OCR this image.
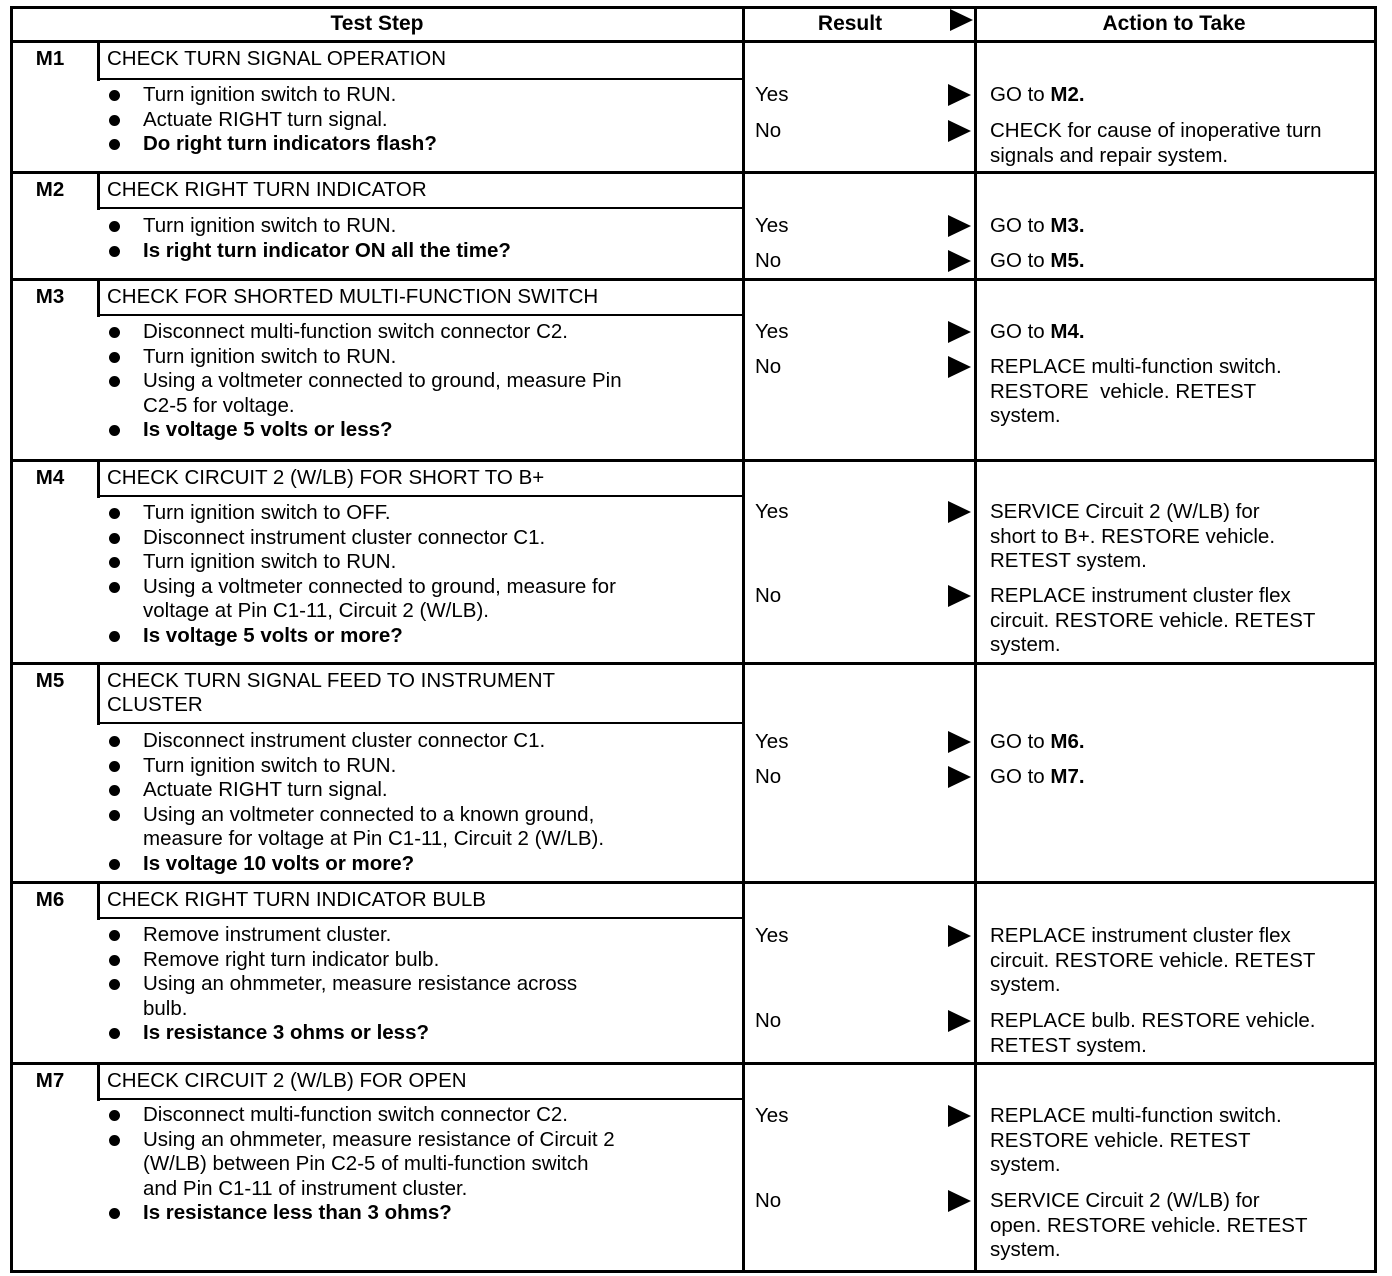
Test Step	Result	Action to Take
M1	CHECK TURN SIGNAL OPERATION
Turn ignition switch to RUN.
Actuate RIGHT turn signal.
Do right turn indicators flash?
Yes	GO to M2.
No	CHECK for cause of inoperative turn
signals and repair system.
M2	CHECK RIGHT TURN INDICATOR
Turn ignition switch to RUN.
Is right turn indicator ON all the time?
Yes	GO to M3.
No	GO to M5.
M3	CHECK FOR SHORTED MULTI-FUNCTION SWITCH
Disconnect multi-function switch connector C2.
Turn ignition switch to RUN.
Using a voltmeter connected to ground, measure Pin
C2-5 for voltage.
Is voltage 5 volts or less?
Yes	GO to M4.
No	REPLACE multi-function switch.
RESTORE  vehicle. RETEST
system.
M4	CHECK CIRCUIT 2 (W/LB) FOR SHORT TO B+
Turn ignition switch to OFF.
Disconnect instrument cluster connector C1.
Turn ignition switch to RUN.
Using a voltmeter connected to ground, measure for
voltage at Pin C1-11, Circuit 2 (W/LB).
Is voltage 5 volts or more?
Yes	SERVICE Circuit 2 (W/LB) for
short to B+. RESTORE vehicle.
RETEST system.
No	REPLACE instrument cluster flex
circuit. RESTORE vehicle. RETEST
system.
M5	CHECK TURN SIGNAL FEED TO INSTRUMENT
CLUSTER
Disconnect instrument cluster connector C1.
Turn ignition switch to RUN.
Actuate RIGHT turn signal.
Using an voltmeter connected to a known ground,
measure for voltage at Pin C1-11, Circuit 2 (W/LB).
Is voltage 10 volts or more?
Yes	GO to M6.
No	GO to M7.
M6	CHECK RIGHT TURN INDICATOR BULB
Remove instrument cluster.
Remove right turn indicator bulb.
Using an ohmmeter, measure resistance across
bulb.
Is resistance 3 ohms or less?
Yes	REPLACE instrument cluster flex
circuit. RESTORE vehicle. RETEST
system.
No	REPLACE bulb. RESTORE vehicle.
RETEST system.
M7	CHECK CIRCUIT 2 (W/LB) FOR OPEN
Disconnect multi-function switch connector C2.
Using an ohmmeter, measure resistance of Circuit 2
(W/LB) between Pin C2-5 of multi-function switch
and Pin C1-11 of instrument cluster.
Is resistance less than 3 ohms?
Yes	REPLACE multi-function switch.
RESTORE vehicle. RETEST
system.
No	SERVICE Circuit 2 (W/LB) for
open. RESTORE vehicle. RETEST
system.
